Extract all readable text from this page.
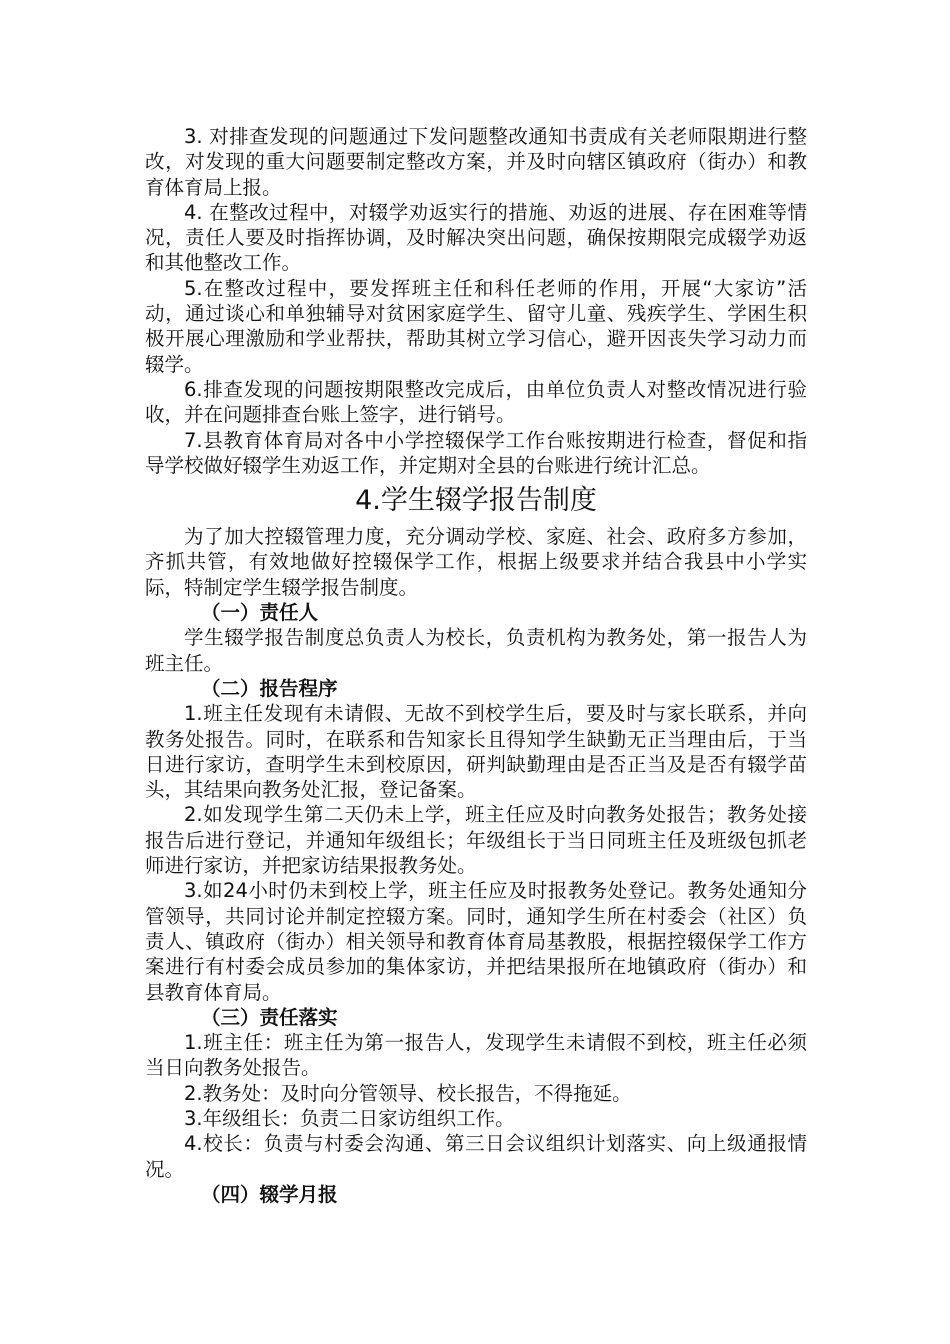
3. 对排查发现的问题通过下发问题整改通知书责成有关老师限期进行整改，对发现的重大问题要制定整改方案，并及时向辖区镇政府（街办）和教育体育局上报。

4. 在整改过程中，对辍学劝返实行的措施、劝返的进展、存在困难等情况，责任人要及时指挥协调，及时解决突出问题，确保按期限完成辍学劝返和其他整改工作。

5.在整改过程中，要发挥班主任和科任老师的作用，开展“大家访”活动，通过谈心和单独辅导对贫困家庭学生、留守儿童、残疾学生、学困生积极开展心理激励和学业帮扶，帮助其树立学习信心，避开因丧失学习动力而辍学。

6.排查发现的问题按期限整改完成后，由单位负责人对整改情况进行验收，并在问题排查台账上签字，进行销号。

7.县教育体育局对各中小学控辍保学工作台账按期进行检查，督促和指导学校做好辍学生劝返工作，并定期对全县的台账进行统计汇总。

4.学生辍学报告制度

为了加大控辍管理力度，充分调动学校、家庭、社会、政府多方参加，齐抓共管，有效地做好控辍保学工作，根据上级要求并结合我县中小学实际，特制定学生辍学报告制度。

（一）责任人

学生辍学报告制度总负责人为校长，负责机构为教务处，第一报告人为班主任。

（二）报告程序

1.班主任发现有未请假、无故不到校学生后，要及时与家长联系，并向教务处报告。同时，在联系和告知家长且得知学生缺勤无正当理由后，于当日进行家访，查明学生未到校原因，研判缺勤理由是否正当及是否有辍学苗头，其结果向教务处汇报，登记备案。

2.如发现学生第二天仍未上学，班主任应及时向教务处报告；教务处接报告后进行登记，并通知年级组长；年级组长于当日同班主任及班级包抓老师进行家访，并把家访结果报教务处。

3.如24小时仍未到校上学，班主任应及时报教务处登记。教务处通知分管领导，共同讨论并制定控辍方案。同时，通知学生所在村委会（社区）负责人、镇政府（街办）相关领导和教育体育局基教股，根据控辍保学工作方案进行有村委会成员参加的集体家访，并把结果报所在地镇政府（街办）和县教育体育局。

（三）责任落实

1.班主任：班主任为第一报告人，发现学生未请假不到校，班主任必须当日向教务处报告。

2.教务处：及时向分管领导、校长报告，不得拖延。

3.年级组长：负责二日家访组织工作。

4.校长：负责与村委会沟通、第三日会议组织计划落实、向上级通报情况。

（四）辍学月报
